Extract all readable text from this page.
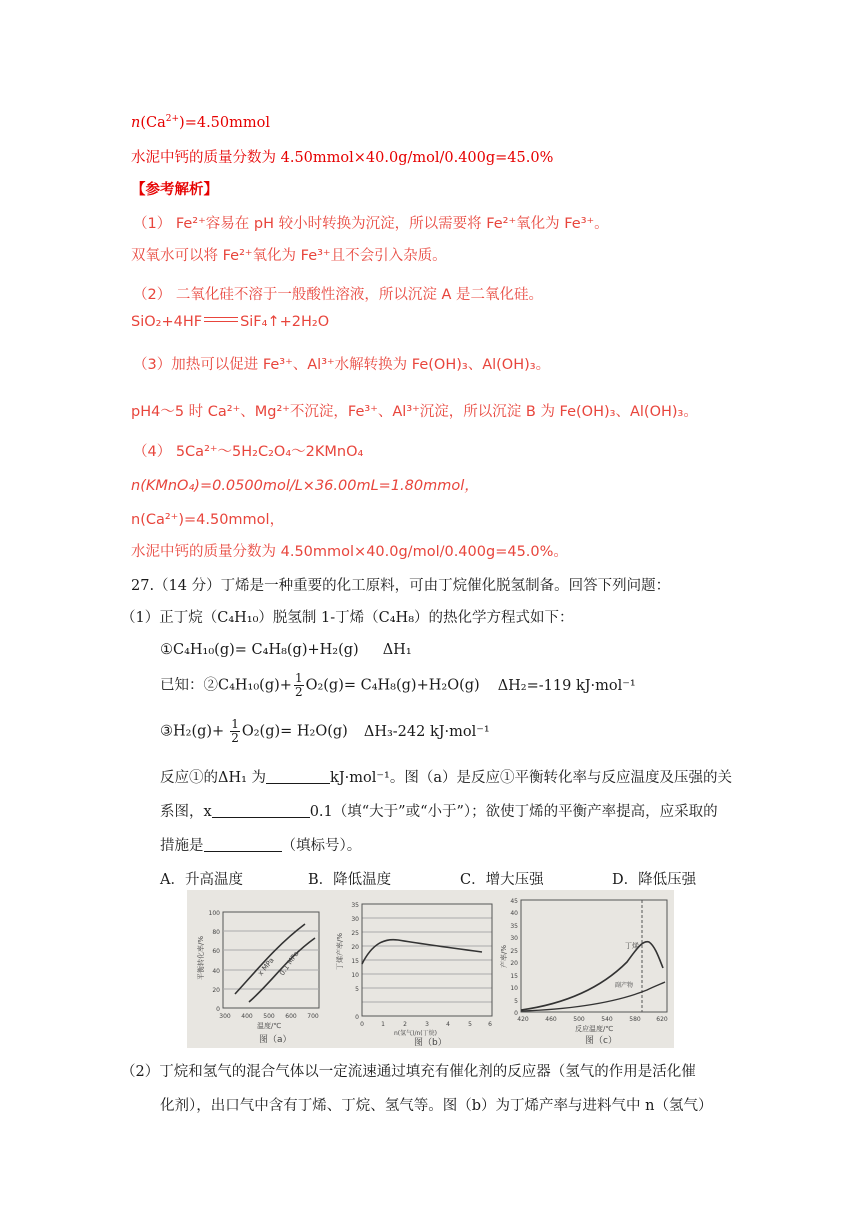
$n(Ca^{2+})=4.50mmol$
水泥中钙的质量分数为 4.50mmol×40.0g/mol/0.400g=45.0%
【参考解析】
（1） Fe²⁺容易在 pH 较小时转换为沉淀，所以需要将 Fe²⁺氧化为 Fe³⁺。
双氧水可以将 Fe²⁺氧化为 Fe³⁺且不会引入杂质。
（2） 二氧化硅不溶于一般酸性溶液，所以沉淀 A 是二氧化硅。
SiO₂+4HF	SiF₄↑+2H₂O
（3）加热可以促进 Fe³⁺、Al³⁺水解转换为 Fe(OH)₃、Al(OH)₃。
pH4～5 时 Ca²⁺、Mg²⁺不沉淀，Fe³⁺、Al³⁺沉淀，所以沉淀 B 为 Fe(OH)₃、Al(OH)₃。
（4） 5Ca²⁺～5H₂C₂O₄～2KMnO₄
n(KMnO₄)=0.0500mol/L×36.00mL=1.80mmol，
n(Ca²⁺)=4.50mmol，
水泥中钙的质量分数为 4.50mmol×40.0g/mol/0.400g=45.0%。
27.（14 分）丁烯是一种重要的化工原料，可由丁烷催化脱氢制备。回答下列问题：
（1）正丁烷（C₄H₁₀）脱氢制 1-丁烯（C₄H₈）的热化学方程式如下：
①C₄H₁₀(g)= C₄H₈(g)+H₂(g) ΔH₁
已知：②C₄H₁₀(g)+ $\frac{1}{2} O_2(g)= C_4H_8(g)+H_2O(g)$ ΔH₂=-119 kJ·mol⁻¹
③H₂(g)+ $\frac{1}{2} O_2(g)= H_2O(g)$ ΔH₃-242 kJ·mol⁻¹
反应①的ΔH₁ 为	kJ·mol⁻¹。图（a）是反应①平衡转化率与反应温度及压强的关
系图，x	0.1（填“大于”或“小于”）；欲使丁烯的平衡产率提高，应采取的
措施是	（填标号）。
A．升高温度	B．降低温度	C．增大压强	D．降低压强
x MPa 0.1 MPa
100
80
60
40
20
0
300 400 500 600 700
温度/℃
平衡转化率/%
图（a）
35
30
25
20
15
10
5
0
0	1	2	3	4	5	6
n(氢气)/n(丁烷)
丁烯产率/%
图（b）
丁烯
副产物
45
40
35
30
25
20
15
10
5
0
420	460	500	540	580	620
反应温度/℃
产率/%
图（c）
（2）丁烷和氢气的混合气体以一定流速通过填充有催化剂的反应器（氢气的作用是活化催
化剂），出口气中含有丁烯、丁烷、氢气等。图（b）为丁烯产率与进料气中 n（氢气）
